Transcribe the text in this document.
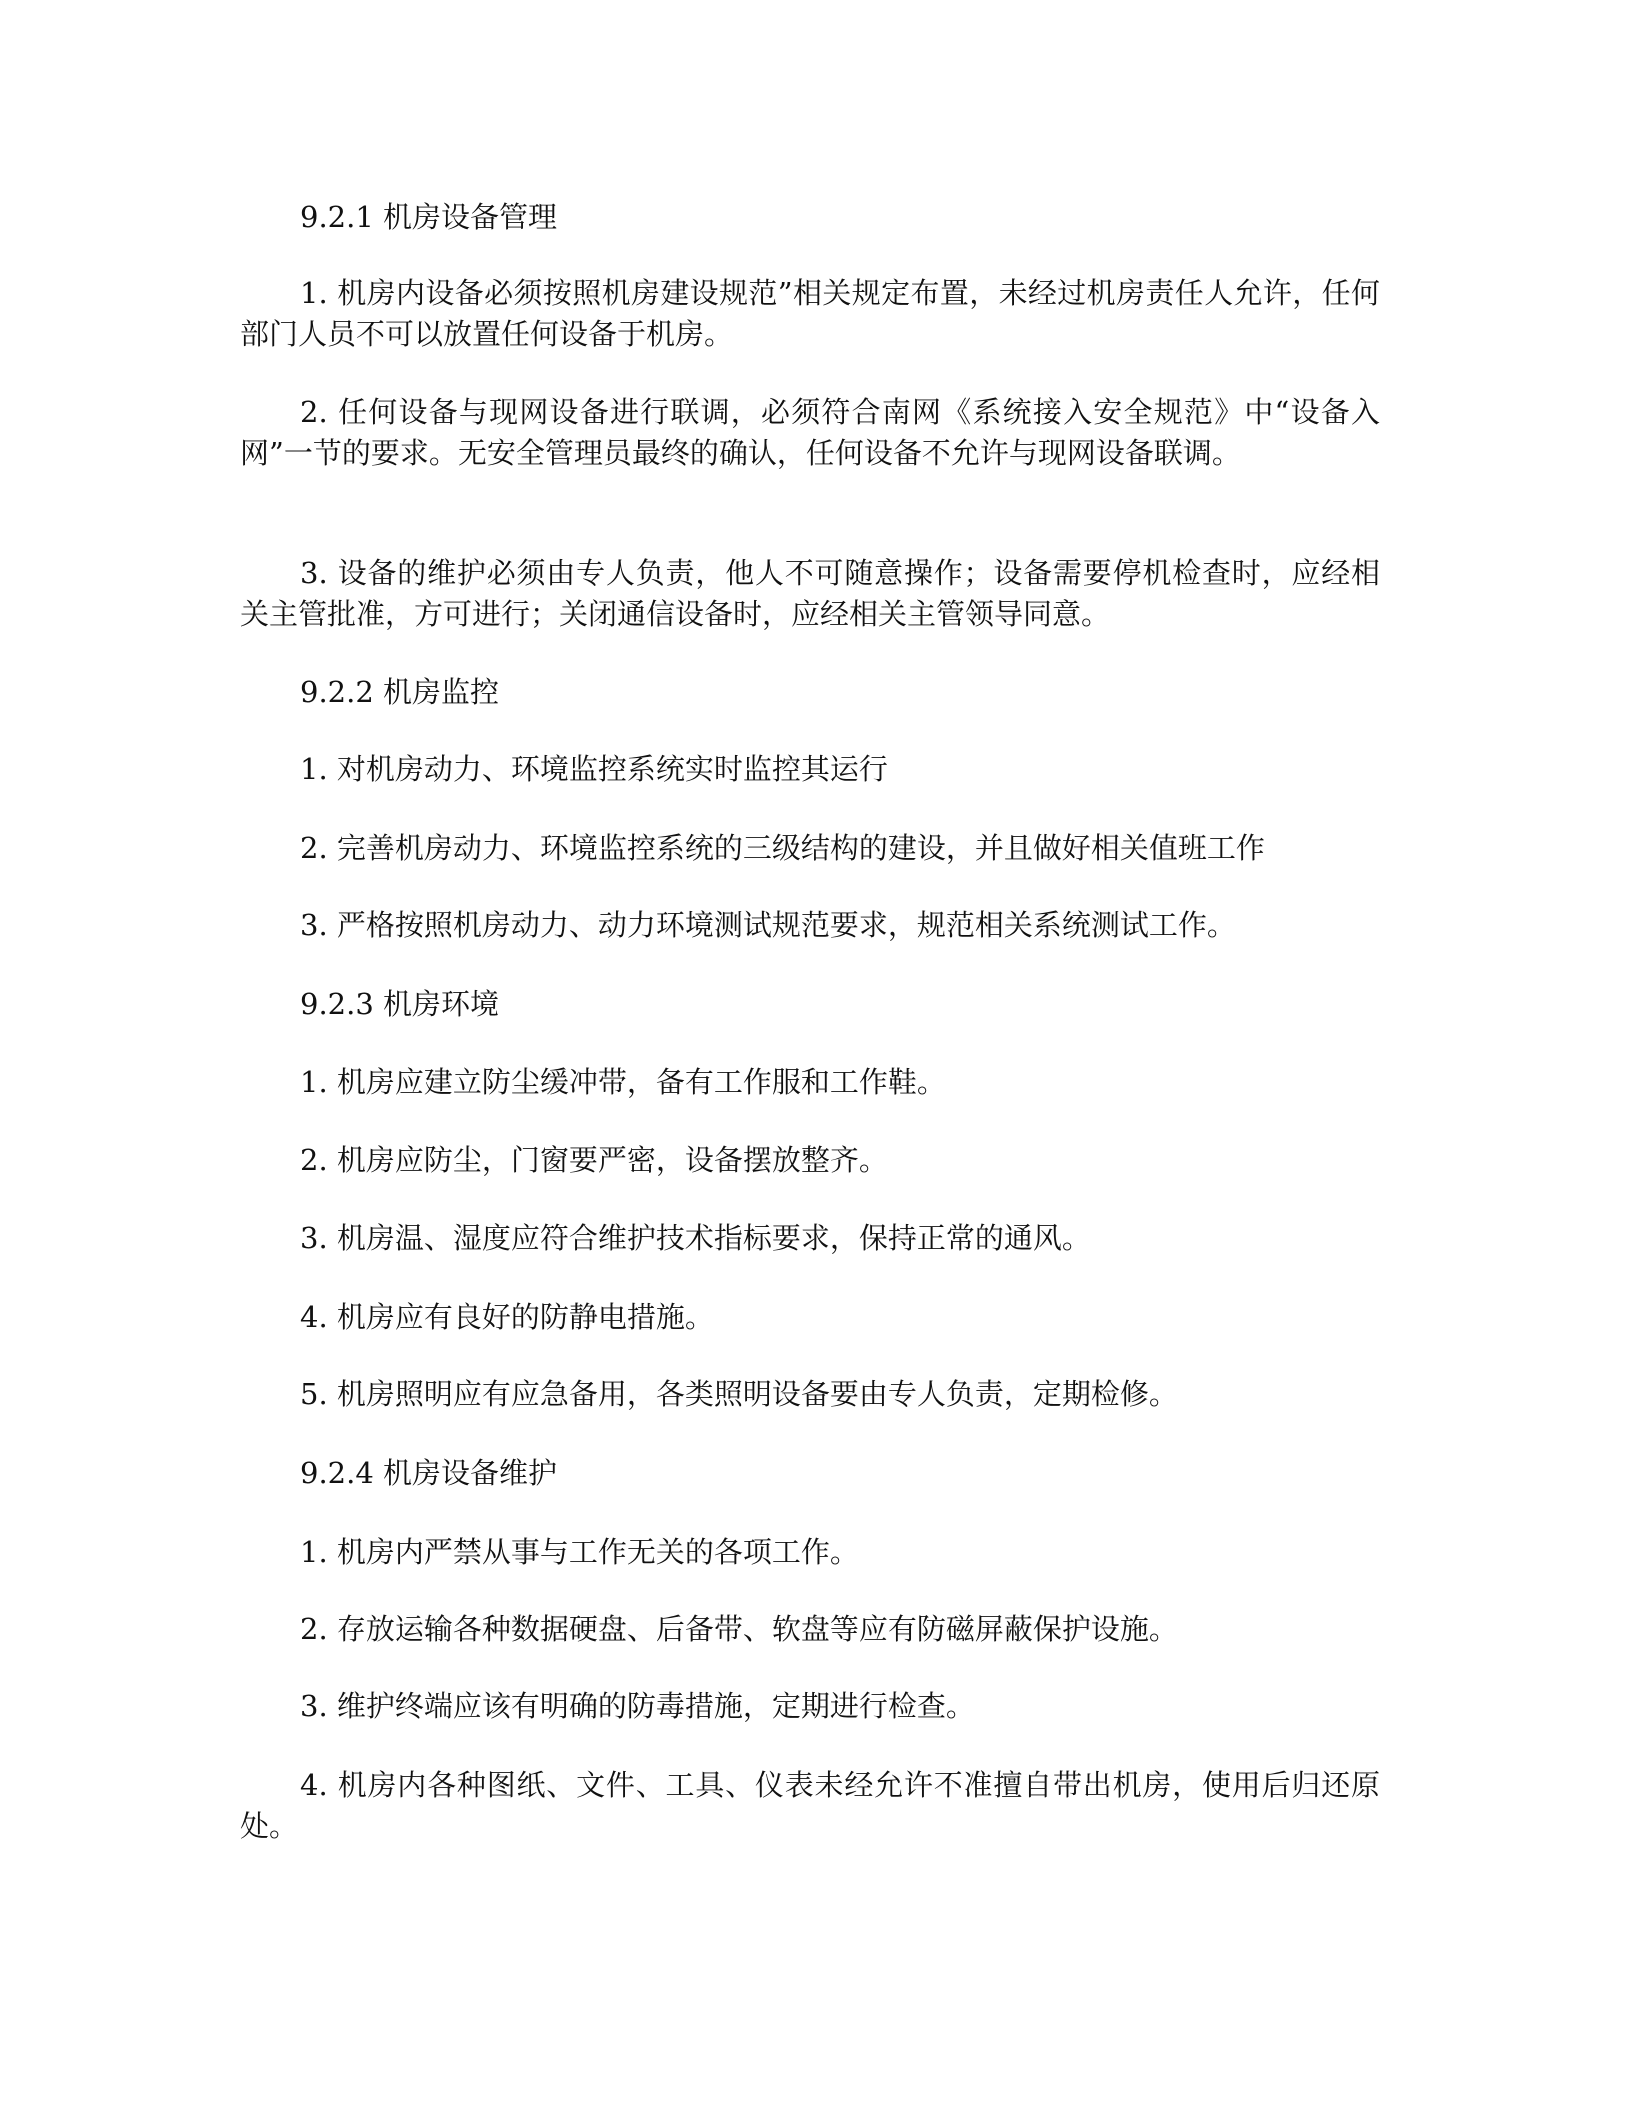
9.2.1 机房设备管理

1. 机房内设备必须按照机房建设规范”相关规定布置，未经过机房责任人允许，任何部门人员不可以放置任何设备于机房。

2. 任何设备与现网设备进行联调，必须符合南网《系统接入安全规范》中“设备入网”一节的要求。无安全管理员最终的确认，任何设备不允许与现网设备联调。

3. 设备的维护必须由专人负责，他人不可随意操作；设备需要停机检查时，应经相关主管批准，方可进行；关闭通信设备时，应经相关主管领导同意。

9.2.2 机房监控

1. 对机房动力、环境监控系统实时监控其运行

2. 完善机房动力、环境监控系统的三级结构的建设，并且做好相关值班工作

3. 严格按照机房动力、动力环境测试规范要求，规范相关系统测试工作。

9.2.3 机房环境

1. 机房应建立防尘缓冲带，备有工作服和工作鞋。

2. 机房应防尘，门窗要严密，设备摆放整齐。

3. 机房温、湿度应符合维护技术指标要求，保持正常的通风。

4. 机房应有良好的防静电措施。

5. 机房照明应有应急备用，各类照明设备要由专人负责，定期检修。

9.2.4 机房设备维护

1. 机房内严禁从事与工作无关的各项工作。

2. 存放运输各种数据硬盘、后备带、软盘等应有防磁屏蔽保护设施。

3. 维护终端应该有明确的防毒措施，定期进行检查。

4. 机房内各种图纸、文件、工具、仪表未经允许不准擅自带出机房，使用后归还原处。
